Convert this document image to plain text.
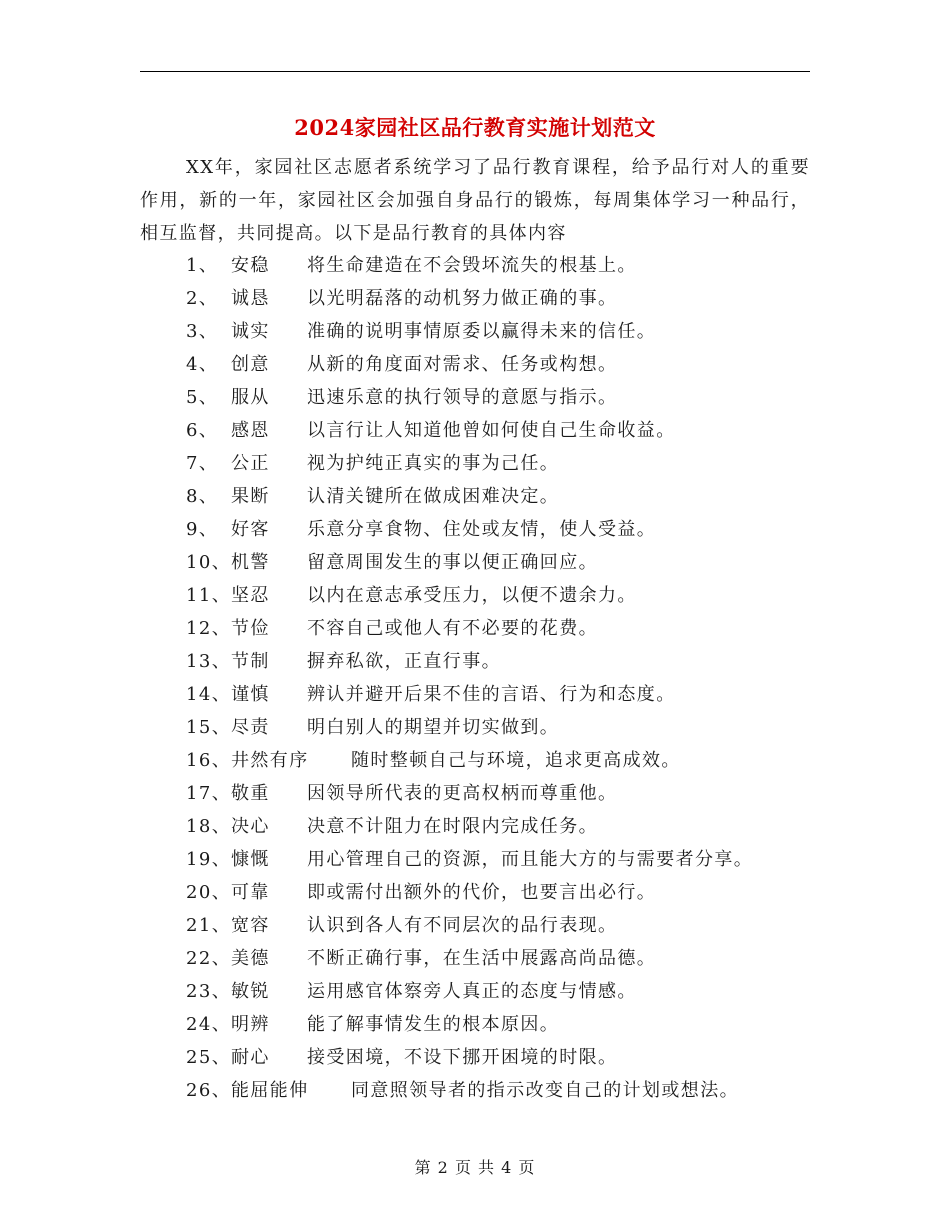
2024家园社区品行教育实施计划范文

XX年，家园社区志愿者系统学习了品行教育课程，给予品行对人的重要作用，新的一年，家园社区会加强自身品行的锻炼，每周集体学习一种品行，相互监督，共同提高。以下是品行教育的具体内容

1、 安稳 将生命建造在不会毁坏流失的根基上。
2、 诚恳 以光明磊落的动机努力做正确的事。
3、 诚实 准确的说明事情原委以赢得未来的信任。
4、 创意 从新的角度面对需求、任务或构想。
5、 服从 迅速乐意的执行领导的意愿与指示。
6、 感恩 以言行让人知道他曾如何使自己生命收益。
7、 公正 视为护纯正真实的事为己任。
8、 果断 认清关键所在做成困难决定。
9、 好客 乐意分享食物、住处或友情，使人受益。
10、机警 留意周围发生的事以便正确回应。
11、坚忍 以内在意志承受压力，以便不遗余力。
12、节俭 不容自己或他人有不必要的花费。
13、节制 摒弃私欲，正直行事。
14、谨慎 辨认并避开后果不佳的言语、行为和态度。
15、尽责 明白别人的期望并切实做到。
16、井然有序 随时整顿自己与环境，追求更高成效。
17、敬重 因领导所代表的更高权柄而尊重他。
18、决心 决意不计阻力在时限内完成任务。
19、慷慨 用心管理自己的资源，而且能大方的与需要者分享。
20、可靠 即或需付出额外的代价，也要言出必行。
21、宽容 认识到各人有不同层次的品行表现。
22、美德 不断正确行事，在生活中展露高尚品德。
23、敏锐 运用感官体察旁人真正的态度与情感。
24、明辨 能了解事情发生的根本原因。
25、耐心 接受困境，不设下挪开困境的时限。
26、能屈能伸 同意照领导者的指示改变自己的计划或想法。
第 2 页 共 4 页
